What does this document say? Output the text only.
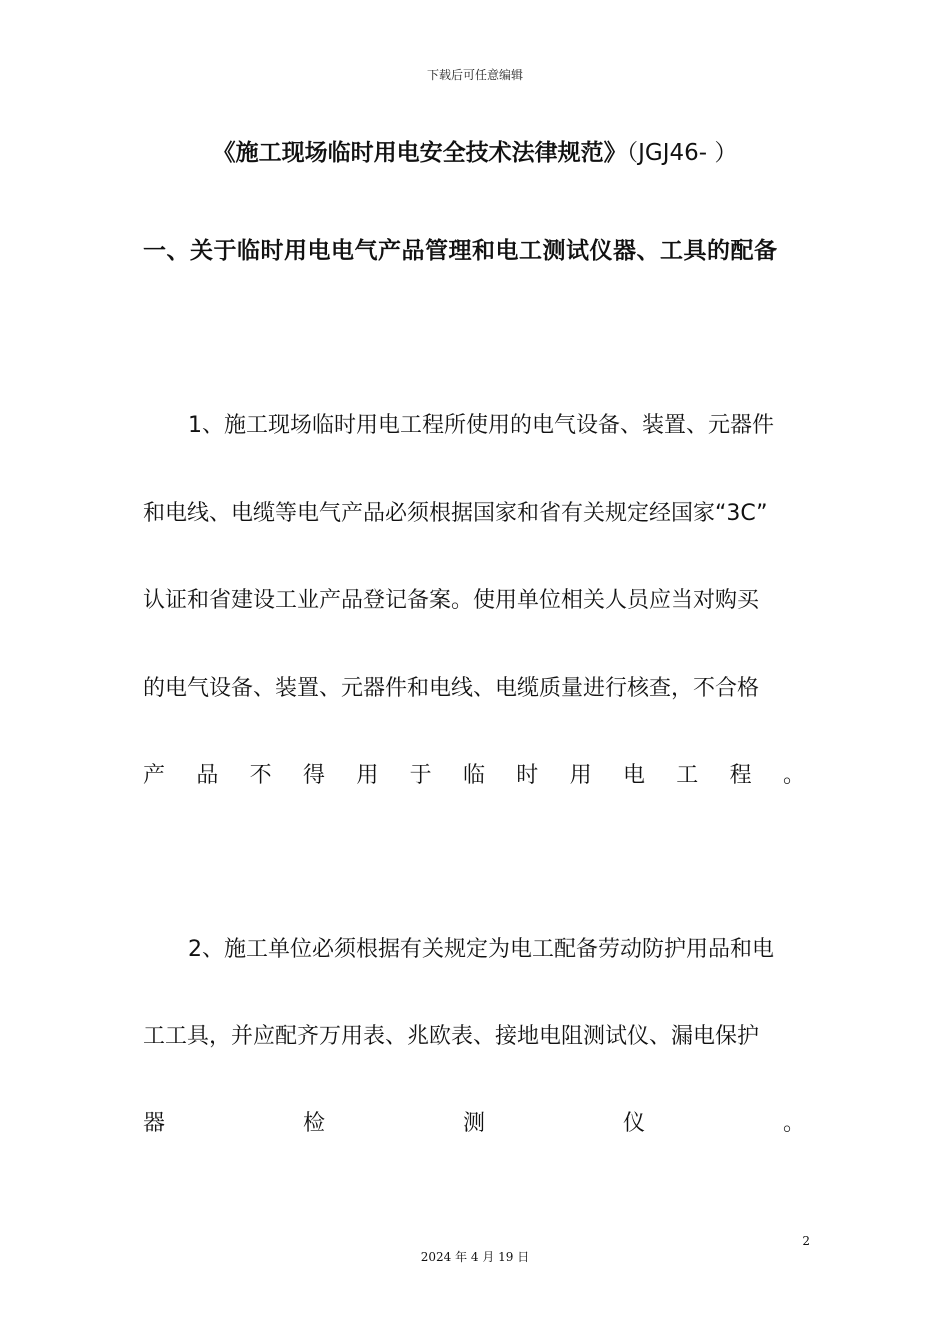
下载后可任意编辑
《施工现场临时用电安全技术法律规范》（JGJ46- ）
一、关于临时用电电气产品管理和电工测试仪器、工具的配备
1、施工现场临时用电工程所使用的电气设备、装置、元器件
和电线、电缆等电气产品必须根据国家和省有关规定经国家“3C”
认证和省建设工业产品登记备案。使用单位相关人员应当对购买
的电气设备、装置、元器件和电线、电缆质量进行核查，不合格
产 品 不 得 用 于 临 时 用 电 工 程 。
2、施工单位必须根据有关规定为电工配备劳动防护用品和电
工工具，并应配齐万用表、兆欧表、接地电阻测试仪、漏电保护
器	检	测	仪	。
2
2024 年 4 月 19 日
